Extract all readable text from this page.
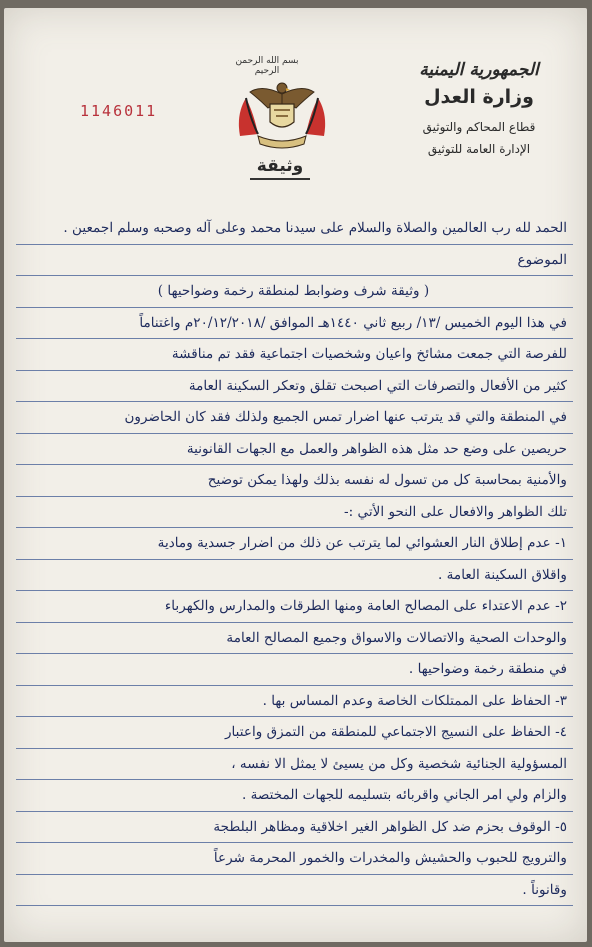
الجمهورية اليمنية
وزارة العدل
قطاع المحاكم والتوثيق
الإدارة العامة للتوثيق
بسم الله الرحمن الرحيم
1146011
وثيقة
الحمد لله رب العالمين والصلاة والسلام على سيدنا محمد وعلى آله وصحبه وسلم اجمعين .
الموضوع
( وثيقة شرف وضوابط لمنطقة رخمة وضواحيها )
في هذا اليوم الخميس /١٣/ ربيع ثاني ١٤٤٠هـ الموافق /٢٠/١٢/٢٠١٨م واغتناماً
للفرصة التي جمعت مشائخ واعيان وشخصيات اجتماعية فقد تم مناقشة
كثير من الأفعال والتصرفات التي اصبحت تقلق وتعكر السكينة العامة
في المنطقة والتي قد يترتب عنها اضرار تمس الجميع ولذلك فقد كان الحاضرون
حريصين على وضع حد مثل هذه الظواهر والعمل مع الجهات القانونية
والأمنية بمحاسبة كل من تسول له نفسه بذلك ولهذا يمكن توضيح
تلك الظواهر والافعال على النحو الأتي :-
١- عدم إطلاق النار العشوائي لما يترتب عن ذلك من اضرار جسدية ومادية
واقلاق السكينة العامة .
٢- عدم الاعتداء على المصالح العامة ومنها الطرقات والمدارس والكهرباء
والوحدات الصحية والاتصالات والاسواق وجميع المصالح العامة
في منطقة رخمة وضواحيها .
٣- الحفاظ على الممتلكات الخاصة وعدم المساس بها .
٤- الحفاظ على النسيج الاجتماعي للمنطقة من التمزق واعتبار
المسؤولية الجنائية شخصية وكل من يسيئ لا يمثل الا نفسه ،
والزام ولي امر الجاني واقربائه بتسليمه للجهات المختصة .
٥- الوقوف بحزم ضد كل الظواهر الغير اخلاقية ومظاهر البلطجة
والترويج للحبوب والحشيش والمخدرات والخمور المحرمة شرعاً
وقانوناً .
